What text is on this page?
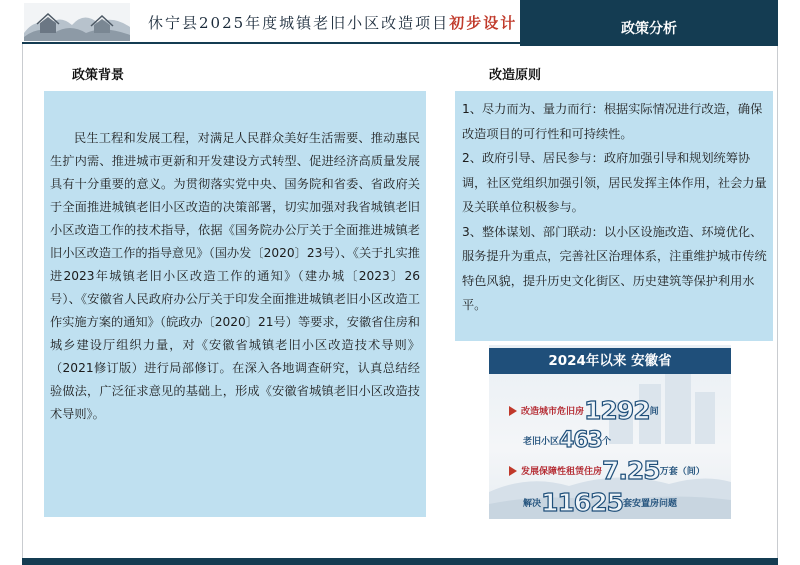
休宁县2025年度城镇老旧小区改造项目初步设计	政策分析
政策背景	改造原则

民生工程和发展工程，对满足人民群众美好生活需要、推动惠民生扩内需、推进城市更新和开发建设方式转型、促进经济高质量发展具有十分重要的意义。为贯彻落实党中央、国务院和省委、省政府关于全面推进城镇老旧小区改造的决策部署，切实加强对我省城镇老旧小区改造工作的技术指导，依据《国务院办公厅关于全面推进城镇老旧小区改造工作的指导意见》（国办发〔2020〕23号）、《关于扎实推进2023年城镇老旧小区改造工作的通知》（建办城〔2023〕26号）、《安徽省人民政府办公厅关于印发全面推进城镇老旧小区改造工作实施方案的通知》（皖政办〔2020〕21号）等要求，安徽省住房和城乡建设厅组织力量，对《安徽省城镇老旧小区改造技术导则》（2021修订版）进行局部修订。在深入各地调查研究，认真总结经验做法，广泛征求意见的基础上，形成《安徽省城镇老旧小区改造技术导则》。

1、尽力而为、量力而行：根据实际情况进行改造，确保改造项目的可行性和可持续性。
2、政府引导、居民参与：政府加强引导和规划统筹协调，社区党组织加强引领，居民发挥主体作用，社会力量及关联单位积极参与。
3、整体谋划、部门联动：以小区设施改造、环境优化、服务提升为重点，完善社区治理体系，注重维护城市传统特色风貌，提升历史文化街区、历史建筑等保护利用水平。
2024年以来 安徽省
改造城市危旧房1292间
老旧小区463个
发展保障性租赁住房7.25万套（间）
解决11625套安置房问题
